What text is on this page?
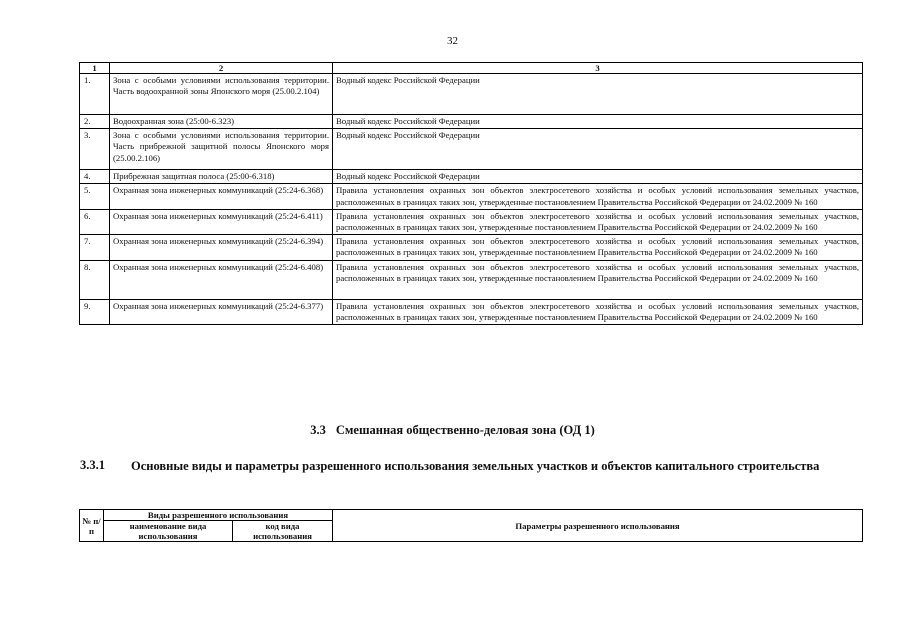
32
1	2	3
1.	Зона с особыми условиями использования территории. Часть водоохранной зоны Японского моря (25.00.2.104)	Водный кодекс Российской Федерации
2.	Водоохранная зона (25:00-6.323)	Водный кодекс Российской Федерации
3.	Зона с особыми условиями использования территории. Часть прибрежной защитной полосы Японского моря (25.00.2.106)	Водный кодекс Российской Федерации
4.	Прибрежная защитная полоса (25:00-6.318)	Водный кодекс Российской Федерации
5.	Охранная зона инженерных коммуникаций (25:24-6.368)	Правила установления охранных зон объектов электросетевого хозяйства и особых условий использования земельных участков, расположенных в границах таких зон, утвержденные постановлением Правительства Российской Федерации от 24.02.2009 № 160
6.	Охранная зона инженерных коммуникаций (25:24-6.411)	Правила установления охранных зон объектов электросетевого хозяйства и особых условий использования земельных участков, расположенных в границах таких зон, утвержденные постановлением Правительства Российской Федерации от 24.02.2009 № 160
7.	Охранная зона инженерных коммуникаций (25:24-6.394)	Правила установления охранных зон объектов электросетевого хозяйства и особых условий использования земельных участков, расположенных в границах таких зон, утвержденные постановлением Правительства Российской Федерации от 24.02.2009 № 160
8.	Охранная зона инженерных коммуникаций (25:24-6.408)	Правила установления охранных зон объектов электросетевого хозяйства и особых условий использования земельных участков, расположенных в границах таких зон, утвержденные постановлением Правительства Российской Федерации от 24.02.2009 № 160
9.	Охранная зона инженерных коммуникаций (25:24-6.377)	Правила установления охранных зон объектов электросетевого хозяйства и особых условий использования земельных участков, расположенных в границах таких зон, утвержденные постановлением Правительства Российской Федерации от 24.02.2009 № 160
3.3 Смешанная общественно-деловая зона (ОД 1)
3.3.1 Основные виды и параметры разрешенного использования земельных участков и объектов капитального строительства
№ п/п	Виды разрешенного использования		Параметры разрешенного использования
	наименование вида использования	код вида использования	
